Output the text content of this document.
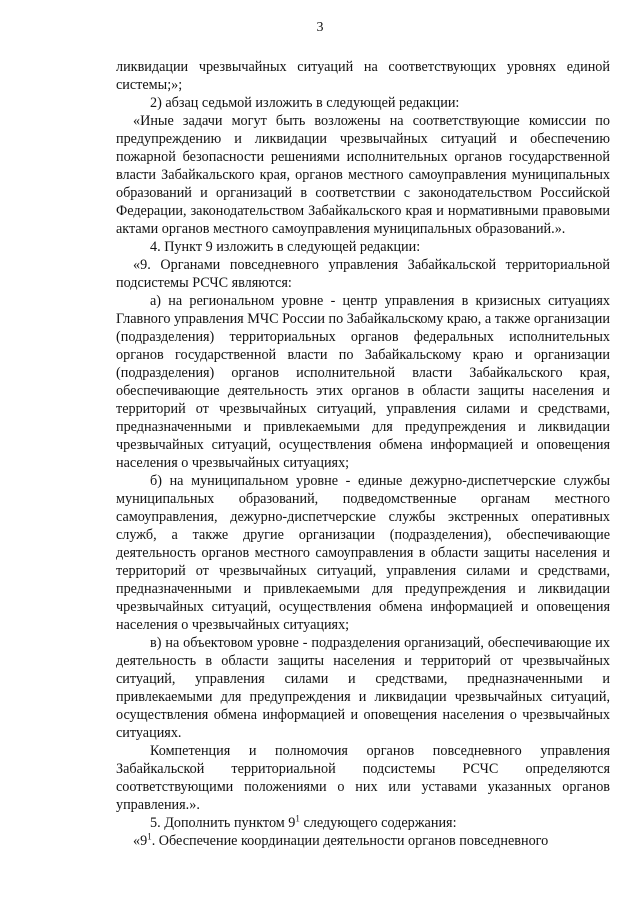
3

ликвидации чрезвычайных ситуаций на соответствующих уровнях единой системы;»;

2) абзац седьмой изложить в следующей редакции:

«Иные задачи могут быть возложены на соответствующие комиссии по предупреждению и ликвидации чрезвычайных ситуаций и обеспечению пожарной безопасности решениями исполнительных органов государственной власти Забайкальского края, органов местного самоуправления муниципальных образований и организаций в соответствии с законодательством Российской Федерации, законодательством Забайкальского края и нормативными правовыми актами органов местного самоуправления муниципальных образований.».

4. Пункт 9 изложить в следующей редакции:

«9. Органами повседневного управления Забайкальской территориальной подсистемы РСЧС являются:

а) на региональном уровне - центр управления в кризисных ситуациях Главного управления МЧС России по Забайкальскому краю, а также организации (подразделения) территориальных органов федеральных исполнительных органов государственной власти по Забайкальскому краю и организации (подразделения) органов исполнительной власти Забайкальского края, обеспечивающие деятельность этих органов в области защиты населения и территорий от чрезвычайных ситуаций, управления силами и средствами, предназначенными и привлекаемыми для предупреждения и ликвидации чрезвычайных ситуаций, осуществления обмена информацией и оповещения населения о чрезвычайных ситуациях;

б) на муниципальном уровне - единые дежурно-диспетчерские службы муниципальных образований, подведомственные органам местного самоуправления, дежурно-диспетчерские службы экстренных оперативных служб, а также другие организации (подразделения), обеспечивающие деятельность органов местного самоуправления в области защиты населения и территорий от чрезвычайных ситуаций, управления силами и средствами, предназначенными и привлекаемыми для предупреждения и ликвидации чрезвычайных ситуаций, осуществления обмена информацией и оповещения населения о чрезвычайных ситуациях;

в) на объектовом уровне - подразделения организаций, обеспечивающие их деятельность в области защиты населения и территорий от чрезвычайных ситуаций, управления силами и средствами, предназначенными и привлекаемыми для предупреждения и ликвидации чрезвычайных ситуаций, осуществления обмена информацией и оповещения населения о чрезвычайных ситуациях.

Компетенция и полномочия органов повседневного управления Забайкальской территориальной подсистемы РСЧС определяются соответствующими положениями о них или уставами указанных органов управления.».

5. Дополнить пунктом $9^1$ следующего содержания:

«$9^1$. Обеспечение координации деятельности органов повседневного
